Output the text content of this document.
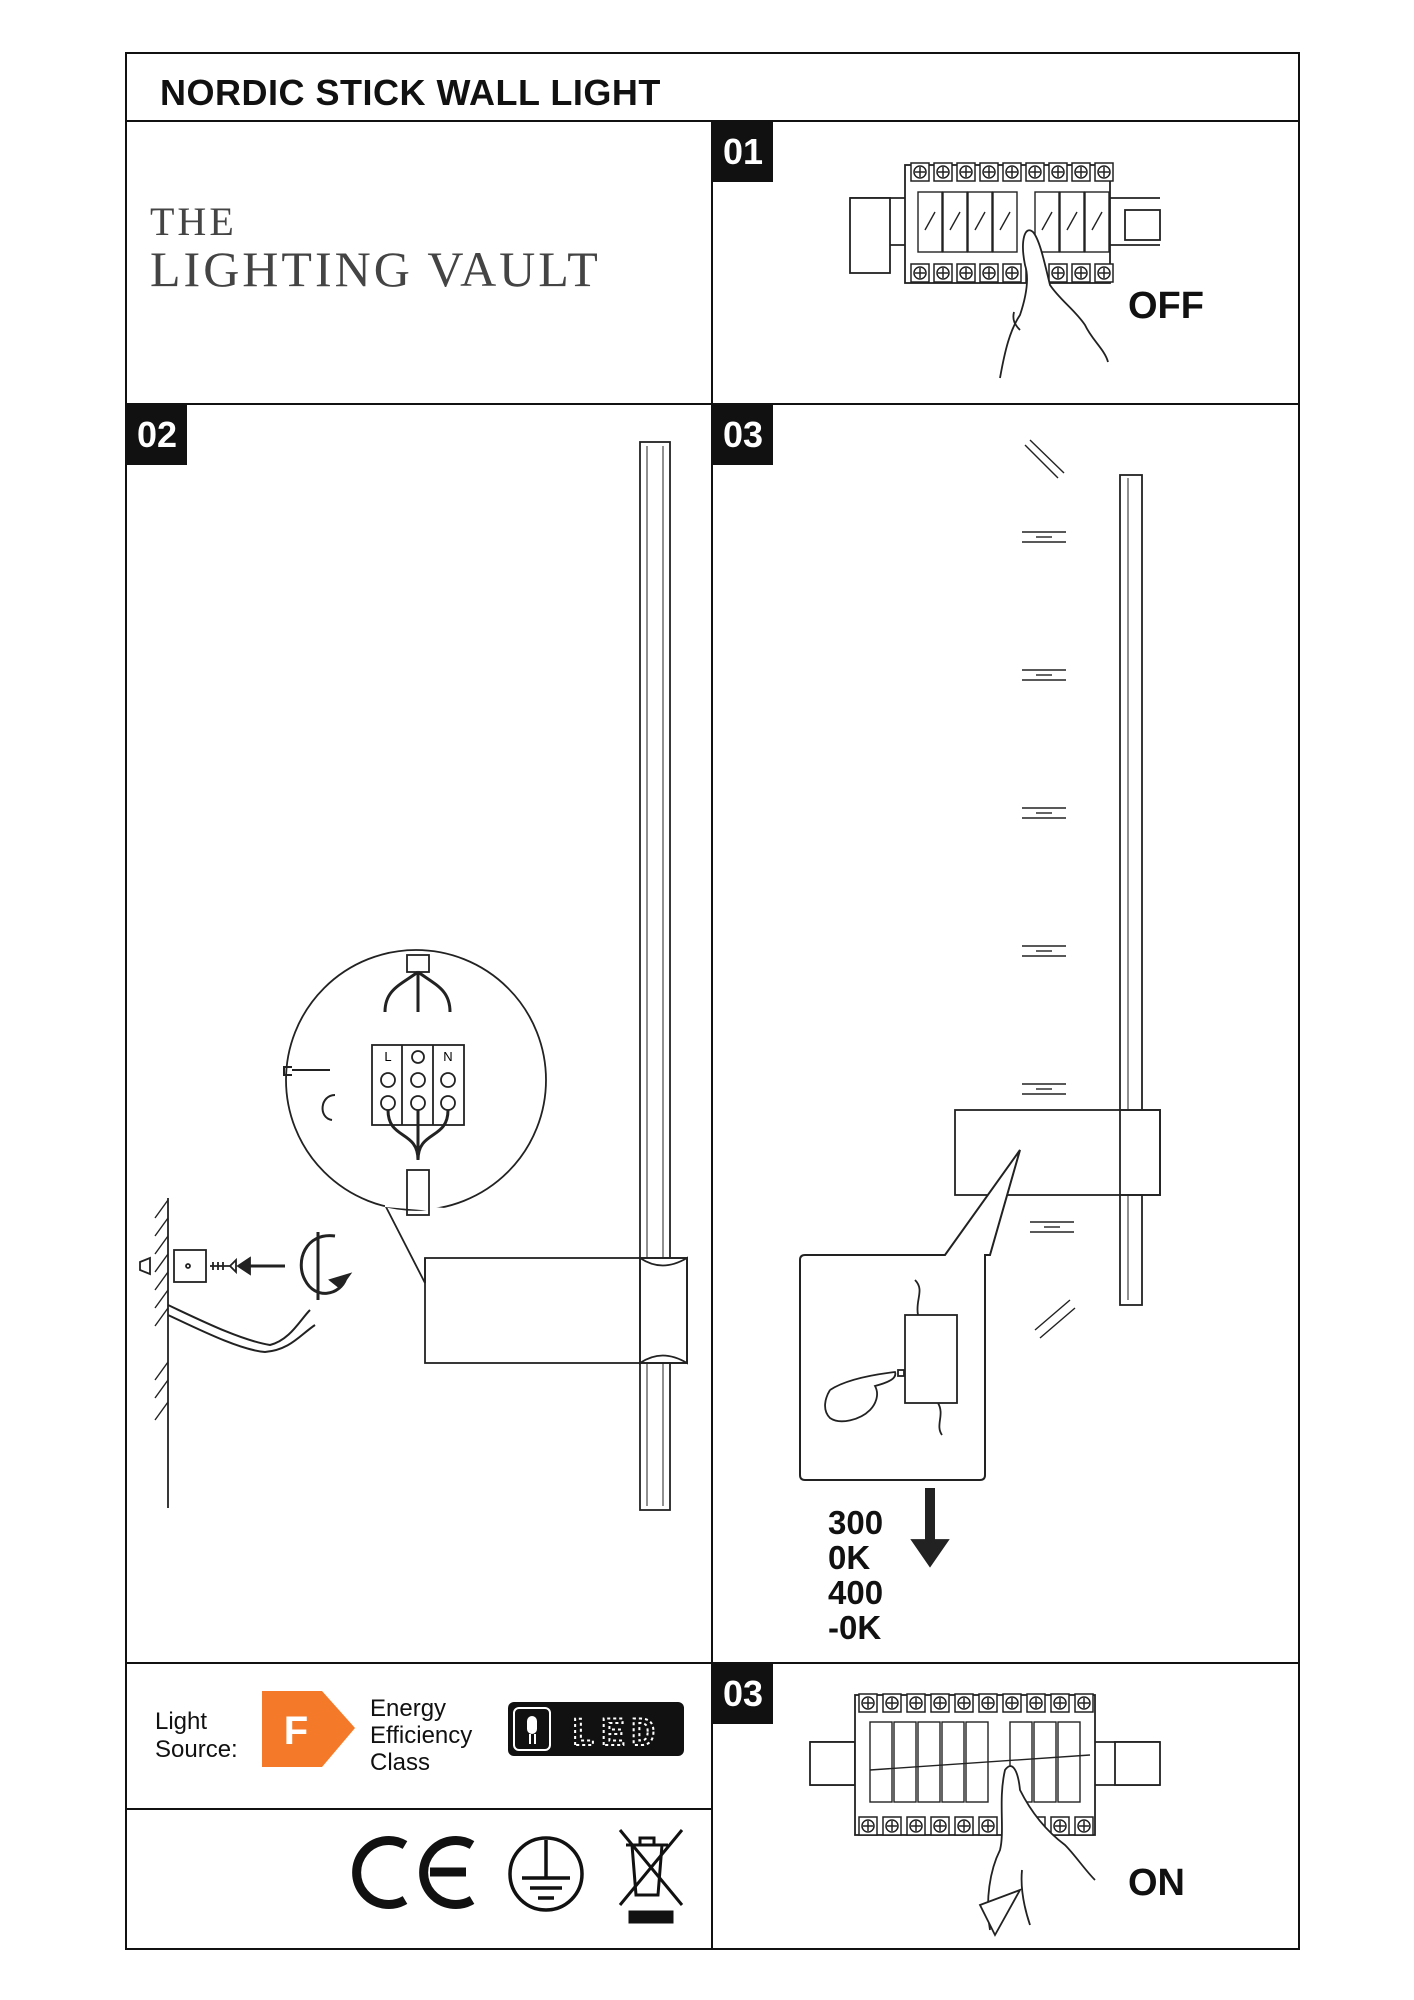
NORDIC STICK WALL LIGHT
THE
LIGHTING VAULT
01
02	03
03
OFF
ON
300
0K
400
-0K
Light
Source:
Energy
Efficiency
Class
L	N
F	LED
